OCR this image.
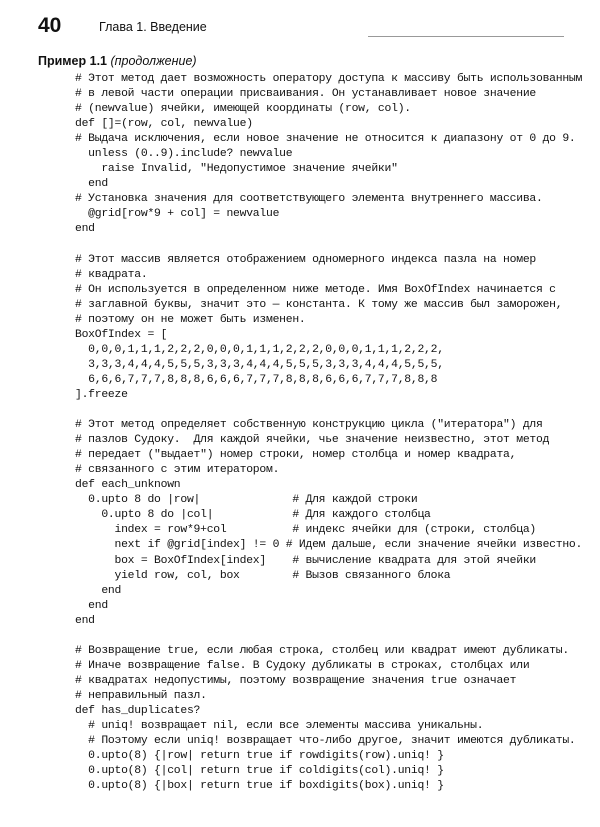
40	Глава 1. Введение
Пример 1.1 (продолжение)
# Этот метод дает возможность оператору доступа к массиву быть использованным
# в левой части операции присваивания. Он устанавливает новое значение
# (newvalue) ячейки, имеющей координаты (row, col).
def []=(row, col, newvalue)
# Выдача исключения, если новое значение не относится к диапазону от 0 до 9.
unless (0..9).include? newvalue
raise Invalid, "Недопустимое значение ячейки"
end
# Установка значения для соответствующего элемента внутреннего массива.
@grid[row*9 + col] = newvalue
end
# Этот массив является отображением одномерного индекса пазла на номер
# квадрата.
# Он используется в определенном ниже методе. Имя BoxOfIndex начинается с
# заглавной буквы, значит это — константа. К тому же массив был заморожен,
# поэтому он не может быть изменен.
BoxOfIndex = [
0,0,0,1,1,1,2,2,2,0,0,0,1,1,1,2,2,2,0,0,0,1,1,1,2,2,2,
3,3,3,4,4,4,5,5,5,3,3,3,4,4,4,5,5,5,3,3,3,4,4,4,5,5,5,
6,6,6,7,7,7,8,8,8,6,6,6,7,7,7,8,8,8,6,6,6,7,7,7,8,8,8
].freeze
# Этот метод определяет собственную конструкцию цикла ("итератора") для
# пазлов Судоку.  Для каждой ячейки, чье значение неизвестно, этот метод
# передает ("выдает") номер строки, номер столбца и номер квадрата,
# связанного с этим итератором.
def each_unknown
0.upto 8 do |row|              # Для каждой строки
0.upto 8 do |col|            # Для каждого столбца
index = row*9+col          # индекс ячейки для (строки, столбца)
next if @grid[index] != 0 # Идем дальше, если значение ячейки известно.
box = BoxOfIndex[index]    # вычисление квадрата для этой ячейки
yield row, col, box        # Вызов связанного блока
end
end
end
# Возвращение true, если любая строка, столбец или квадрат имеют дубликаты.
# Иначе возвращение false. В Судоку дубликаты в строках, столбцах или
# квадратах недопустимы, поэтому возвращение значения true означает
# неправильный пазл.
def has_duplicates?
# uniq! возвращает nil, если все элементы массива уникальны.
# Поэтому если uniq! возвращает что-либо другое, значит имеются дубликаты.
0.upto(8) {|row| return true if rowdigits(row).uniq! }
0.upto(8) {|col| return true if coldigits(col).uniq! }
0.upto(8) {|box| return true if boxdigits(box).uniq! }
